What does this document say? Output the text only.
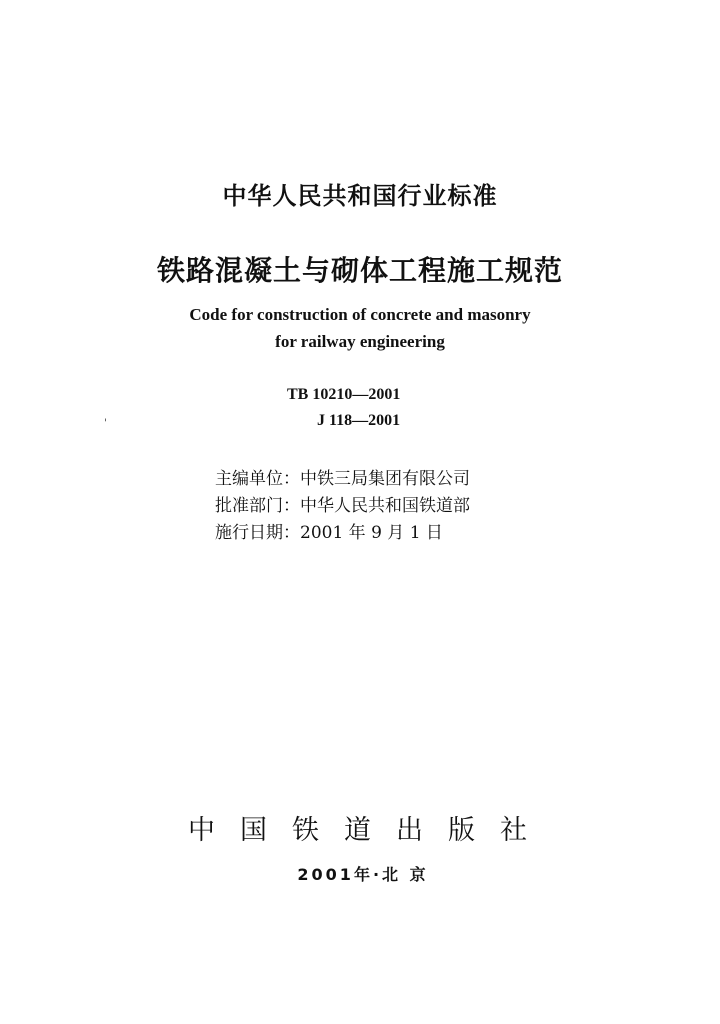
中华人民共和国行业标准
铁路混凝土与砌体工程施工规范
Code for construction of concrete and masonry
for railway engineering
TB 10210—2001
J 118—2001
'
主编单位：中铁三局集团有限公司
批准部门：中华人民共和国铁道部
施行日期：2001 年 9 月 1 日
中国铁道出版社
2001年·北 京
